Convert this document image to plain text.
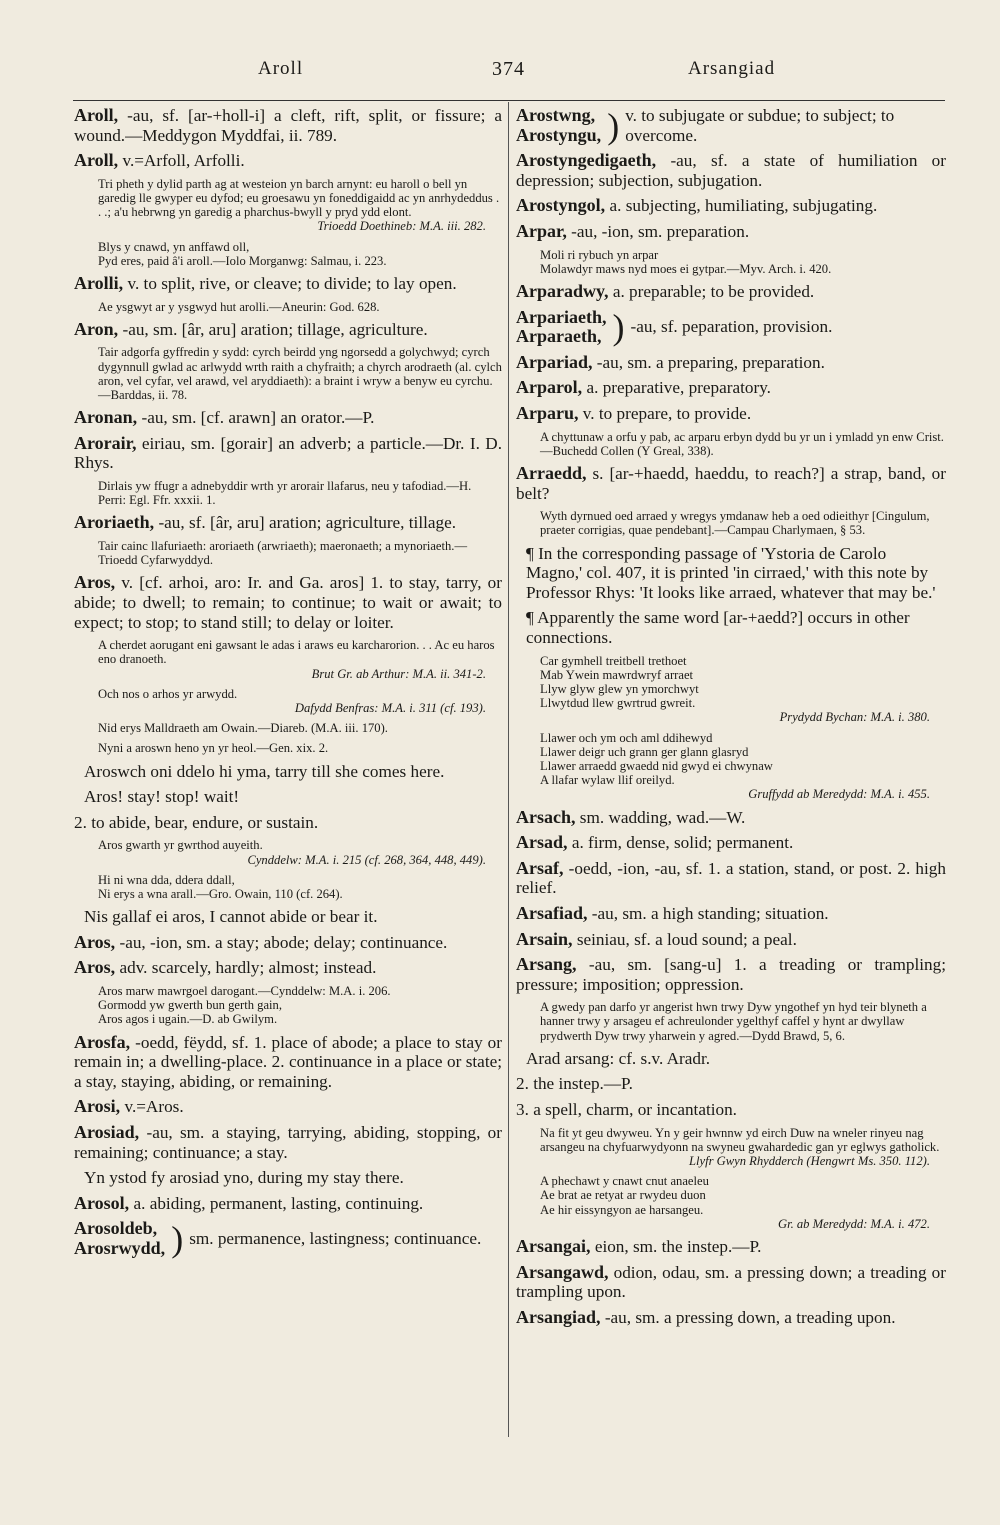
Aroll	374	Arsangiad

Aroll, -au, sf. [ar-+holl-i] a cleft, rift, split, or fissure; a wound.—Meddygon Myddfai, ii. 789.

Aroll, v.=Arfoll, Arfolli.

Tri pheth y dylid parth ag at westeion yn barch arnynt: eu haroll o bell yn garedig lle gwyper eu dyfod; eu groesawu yn foneddigaidd ac yn anrhydeddus . . .; a'u hebrwng yn garedig a pharchus-bwyll y pryd ydd elont.
Trioedd Doethineb: M.A. iii. 282.
Blys y cnawd, yn anffawd oll,
Pyd eres, paid â'i aroll.—Iolo Morganwg: Salmau, i. 223.

Arolli, v. to split, rive, or cleave; to divide; to lay open.

Ae ysgwyt ar y ysgwyd hut arolli.—Aneurin: God. 628.

Aron, -au, sm. [âr, aru] aration; tillage, agriculture.

Tair adgorfa gyffredin y sydd: cyrch beirdd yng ngorsedd a golychwyd; cyrch dygynnull gwlad ac arlwydd wrth raith a chyfraith; a chyrch arodraeth (al. cylch aron, vel cyfar, vel arawd, vel aryddiaeth): a braint i wryw a benyw eu cyrchu.—Barddas, ii. 78.

Aronan, -au, sm. [cf. arawn] an orator.—P.

Arorair, eiriau, sm. [gorair] an adverb; a particle.—Dr. I. D. Rhys.

Dirlais yw ffugr a adnebyddir wrth yr arorair llafarus, neu y tafodiad.—H. Perri: Egl. Ffr. xxxii. 1.

Aroriaeth, -au, sf. [âr, aru] aration; agriculture, tillage.

Tair cainc llafuriaeth: aroriaeth (arwriaeth); maeronaeth; a mynoriaeth.—Trioedd Cyfarwyddyd.

Aros, v. [cf. arhoi, aro: Ir. and Ga. aros] 1. to stay, tarry, or abide; to dwell; to remain; to continue; to wait or await; to expect; to stop; to stand still; to delay or loiter.

A cherdet aorugant eni gawsant le adas i araws eu karcharorion. . . Ac eu haros eno dranoeth.
Brut Gr. ab Arthur: M.A. ii. 341-2.
Och nos o arhos yr arwydd.
Dafydd Benfras: M.A. i. 311 (cf. 193).
Nid erys Malldraeth am Owain.—Diareb. (M.A. iii. 170).
Nyni a aroswn heno yn yr heol.—Gen. xix. 2.

Aroswch oni ddelo hi yma, tarry till she comes here.

Aros! stay! stop! wait!

2. to abide, bear, endure, or sustain.

Aros gwarth yr gwrthod auyeith.
Cynddelw: M.A. i. 215 (cf. 268, 364, 448, 449).
Hi ni wna dda, ddera ddall,
Ni erys a wna arall.—Gro. Owain, 110 (cf. 264).

Nis gallaf ei aros, I cannot abide or bear it.

Aros, -au, -ion, sm. a stay; abode; delay; continuance.

Aros, adv. scarcely, hardly; almost; instead.

Aros marw mawrgoel darogant.—Cynddelw: M.A. i. 206.
Gormodd yw gwerth bun gerth gain,
Aros agos i ugain.—D. ab Gwilym.

Arosfa, -oedd, fëydd, sf. 1. place of abode; a place to stay or remain in; a dwelling-place. 2. continuance in a place or state; a stay, staying, abiding, or remaining.

Arosi, v.=Aros.

Arosiad, -au, sm. a staying, tarrying, abiding, stopping, or remaining; continuance; a stay.

Yn ystod fy arosiad yno, during my stay there.

Arosol, a. abiding, permanent, lasting, continuing.

Arosoldeb,
Arosrwydd, ) sm. permanence, lastingness; continuance.
Arostwng,
Arostyngu, ) v. to subjugate or subdue; to subject; to overcome.

Arostyngedigaeth, -au, sf. a state of humiliation or depression; subjection, subjugation.

Arostyngol, a. subjecting, humiliating, subjugating.

Arpar, -au, -ion, sm. preparation.

Moli ri rybuch yn arpar
Molawdyr maws nyd moes ei gytpar.—Myv. Arch. i. 420.

Arparadwy, a. preparable; to be provided.

Arpariaeth,
Arparaeth, ) -au, sf. peparation, provision.

Arpariad, -au, sm. a preparing, preparation.

Arparol, a. preparative, preparatory.

Arparu, v. to prepare, to provide.

A chyttunaw a orfu y pab, ac arparu erbyn dydd bu yr un i ymladd yn enw Crist.—Buchedd Collen (Y Greal, 338).

Arraedd, s. [ar-+haedd, haeddu, to reach?] a strap, band, or belt?

Wyth dyrnued oed arraed y wregys ymdanaw heb a oed odieithyr [Cingulum, praeter corrigias, quae pendebant].—Campau Charlymaen, § 53.

¶ In the corresponding passage of 'Ystoria de Carolo Magno,' col. 407, it is printed 'in cirraed,' with this note by Professor Rhys: 'It looks like arraed, whatever that may be.'

¶ Apparently the same word [ar-+aedd?] occurs in other connections.

Car gymhell treitbell trethoet
Mab Ywein mawrdwryf arraet
Llyw glyw glew yn ymorchwyt
Llwytdud llew gwrtrud gwreit.
Prydydd Bychan: M.A. i. 380.
Llawer och ym och aml ddihewyd
Llawer deigr uch grann ger glann glasryd
Llawer arraedd gwaedd nid gwyd ei chwynaw
A llafar wylaw llif oreilyd.
Gruffydd ab Meredydd: M.A. i. 455.

Arsach, sm. wadding, wad.—W.

Arsad, a. firm, dense, solid; permanent.

Arsaf, -oedd, -ion, -au, sf. 1. a station, stand, or post. 2. high relief.

Arsafiad, -au, sm. a high standing; situation.

Arsain, seiniau, sf. a loud sound; a peal.

Arsang, -au, sm. [sang-u] 1. a treading or trampling; pressure; imposition; oppression.

A gwedy pan darfo yr angerist hwn trwy Dyw yngothef yn hyd teir blyneth a hanner trwy y arsageu ef achreulonder ygelthyf caffel y hynt ar dwyllaw prydwerth Dyw trwy yharwein y agred.—Dydd Brawd, 5, 6.

Arad arsang: cf. s.v. Aradr.

2. the instep.—P.

3. a spell, charm, or incantation.

Na fit yt geu dwyweu. Yn y geir hwnnw yd eirch Duw na wneler rinyeu nag arsangeu na chyfuarwydyonn na swyneu gwahardedic gan yr eglwys gatholick.
Llyfr Gwyn Rhydderch (Hengwrt Ms. 350. 112).
A phechawt y cnawt cnut anaeleu
Ae brat ae retyat ar rwydeu duon
Ae hir eissyngyon ae harsangeu.
Gr. ab Meredydd: M.A. i. 472.

Arsangai, eion, sm. the instep.—P.

Arsangawd, odion, odau, sm. a pressing down; a treading or trampling upon.

Arsangiad, -au, sm. a pressing down, a treading upon.
